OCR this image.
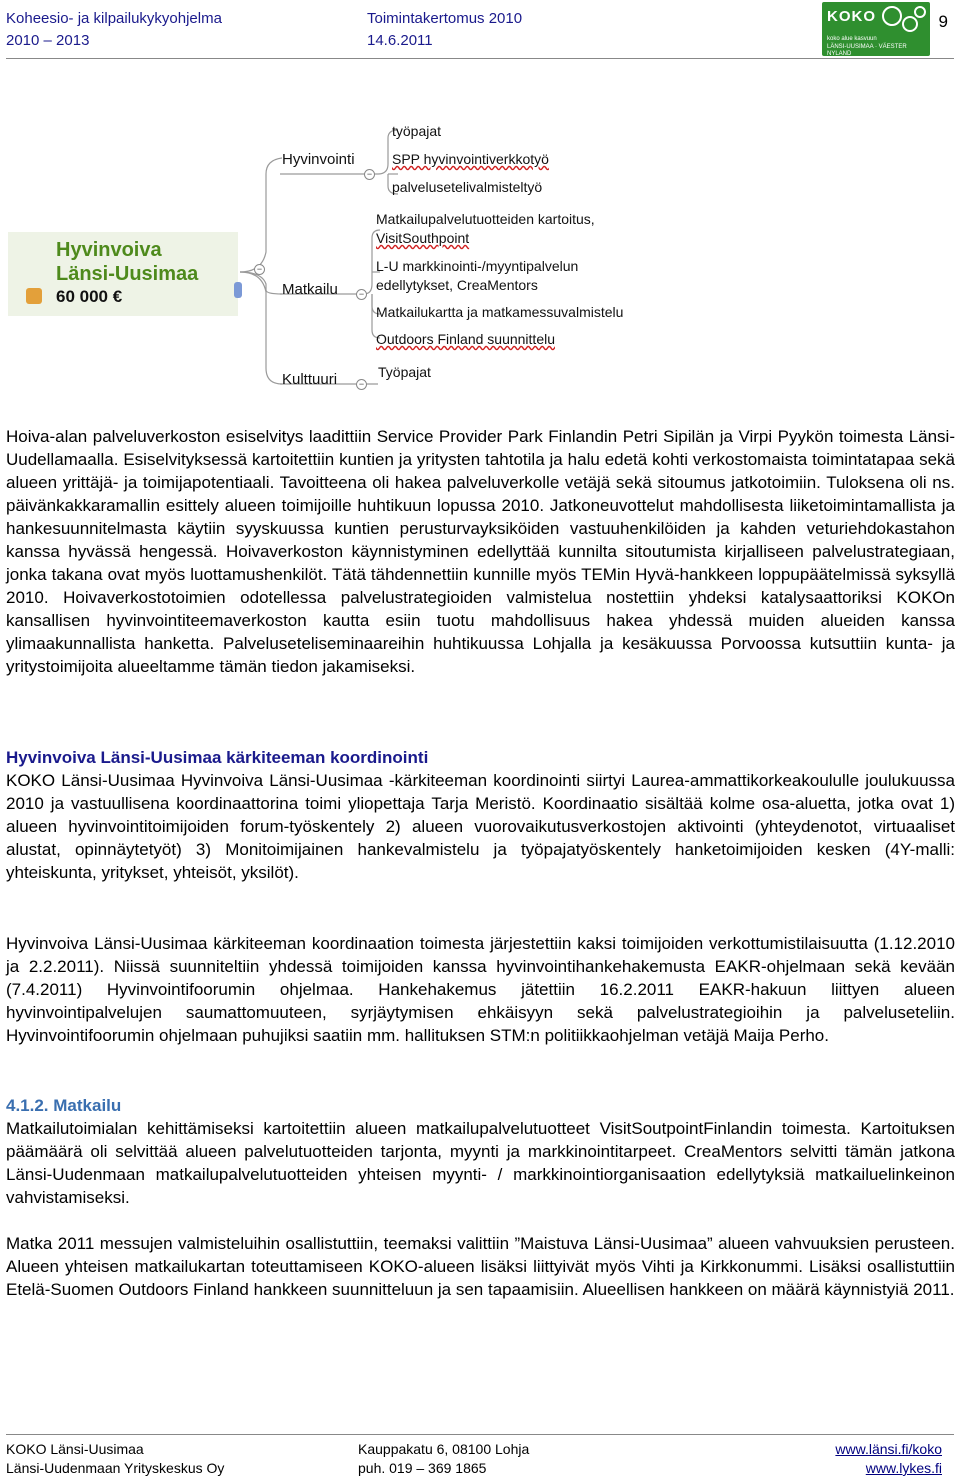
Koheesio- ja kilpailukykyohjelma
2010 – 2013
Toimintakertomus 2010
14.6.2011
KOKO
koko alue kasvuun
LÄNSI-UUSIMAA · VÄESTER NYLAND
9
Hyvinvoiva
Länsi-Uusimaa
60 000 €
−
−
−
−
Hyvinvointi
työpajat
SPP hyvinvointiverkkotyö
palvelusetelivalmisteltyö
Matkailu
Matkailupalvelutuotteiden kartoitus,
VisitSouthpoint
L-U markkinointi-/myyntipalvelun
edellytykset, CreaMentors
Matkailukartta ja matkamessuvalmistelu
Outdoors Finland suunnittelu
Kulttuuri	Työpajat

Hoiva-alan palveluverkoston esiselvitys laadittiin Service Provider Park Finlandin Petri Sipilän ja Virpi Pyykön toimesta Länsi-Uudellamaalla. Esiselvityksessä kartoitettiin kuntien ja yritysten tahtotila ja halu edetä kohti verkostomaista toimintatapaa sekä alueen yrittäjä- ja toimijapotentiaali. Tavoitteena oli hakea palveluverkolle vetäjä sekä sitoumus jatkotoimiin. Tuloksena oli ns. päivänkakkaramallin esittely alueen toimijoille huhtikuun lopussa 2010. Jatkoneuvottelut mahdollisesta liiketoimintamallista ja hankesuunnitelmasta käytiin syyskuussa kuntien perusturvayksiköiden vastuuhenkilöiden ja kahden veturiehdokastahon kanssa hyvässä hengessä. Hoivaverkoston käynnistyminen edellyttää kunnilta sitoutumista kirjalliseen palvelustrategiaan, jonka takana ovat myös luottamushenkilöt. Tätä tähdennettiin kunnille myös TEMin Hyvä-hankkeen loppupäätelmissä syksyllä 2010. Hoivaverkostotoimien odotellessa palvelustrategioiden valmistelua nostettiin yhdeksi katalysaattoriksi KOKOn kansallisen hyvinvointiteemaverkoston kautta esiin tuotu mahdollisuus hakea yhdessä muiden alueiden kanssa ylimaakunnallista hanketta. Palveluseteliseminaareihin huhtikuussa Lohjalla ja kesäkuussa Porvoossa kutsuttiin kunta- ja yritystoimijoita alueeltamme tämän tiedon jakamiseksi.

Hyvinvoiva Länsi-Uusimaa kärkiteeman koordinointi

KOKO Länsi-Uusimaa Hyvinvoiva Länsi-Uusimaa -kärkiteeman koordinointi siirtyi Laurea-ammattikorkeakoululle joulukuussa 2010 ja vastuullisena koordinaattorina toimi yliopettaja Tarja Meristö. Koordinaatio sisältää kolme osa-aluetta, jotka ovat 1) alueen hyvinvointitoimijoiden forum-työskentely 2) alueen vuorovaikutusverkostojen aktivointi (yhteydenotot, virtuaaliset alustat, opinnäytetyöt) 3) Monitoimijainen hankevalmistelu ja työpajatyöskentely hanketoimijoiden kesken (4Y-malli: yhteiskunta, yritykset, yhteisöt, yksilöt).

Hyvinvoiva Länsi-Uusimaa kärkiteeman koordinaation toimesta järjestettiin kaksi toimijoiden verkottumistilaisuutta (1.12.2010 ja 2.2.2011). Niissä suunniteltiin yhdessä toimijoiden kanssa hyvinvointihankehakemusta EAKR-ohjelmaan sekä kevään (7.4.2011) Hyvinvointifoorumin ohjelmaa. Hankehakemus jätettiin 16.2.2011 EAKR-hakuun liittyen alueen hyvinvointipalvelujen saumattomuuteen, syrjäytymisen ehkäisyyn sekä palvelustrategioihin ja palveluseteliin. Hyvinvointifoorumin ohjelmaan puhujiksi saatiin mm. hallituksen STM:n politiikkaohjelman vetäjä Maija Perho.

4.1.2. Matkailu

Matkailutoimialan kehittämiseksi kartoitettiin alueen matkailupalvelutuotteet VisitSoutpointFinlandin toimesta. Kartoituksen päämäärä oli selvittää alueen palvelutuotteiden tarjonta, myynti ja markkinointitarpeet. CreaMentors selvitti tämän jatkona Länsi-Uudenmaan matkailupalvelutuotteiden yhteisen myynti- / markkinointiorganisaation edellytyksiä matkailuelinkeinon vahvistamiseksi.

Matka 2011 messujen valmisteluihin osallistuttiin, teemaksi valittiin ”Maistuva Länsi-Uusimaa” alueen vahvuuksien perusteen. Alueen yhteisen matkailukartan toteuttamiseen KOKO-alueen lisäksi liittyivät myös Vihti ja Kirkkonummi. Lisäksi osallistuttiin Etelä-Suomen Outdoors Finland hankkeen suunnitteluun ja sen tapaamisiin. Alueellisen hankkeen on määrä käynnistyiä 2011.

KOKO Länsi-Uusimaa
Länsi-Uudenmaan Yrityskeskus Oy
Kauppakatu 6, 08100 Lohja
puh. 019 – 369 1865
www.länsi.fi/koko
www.lykes.fi
